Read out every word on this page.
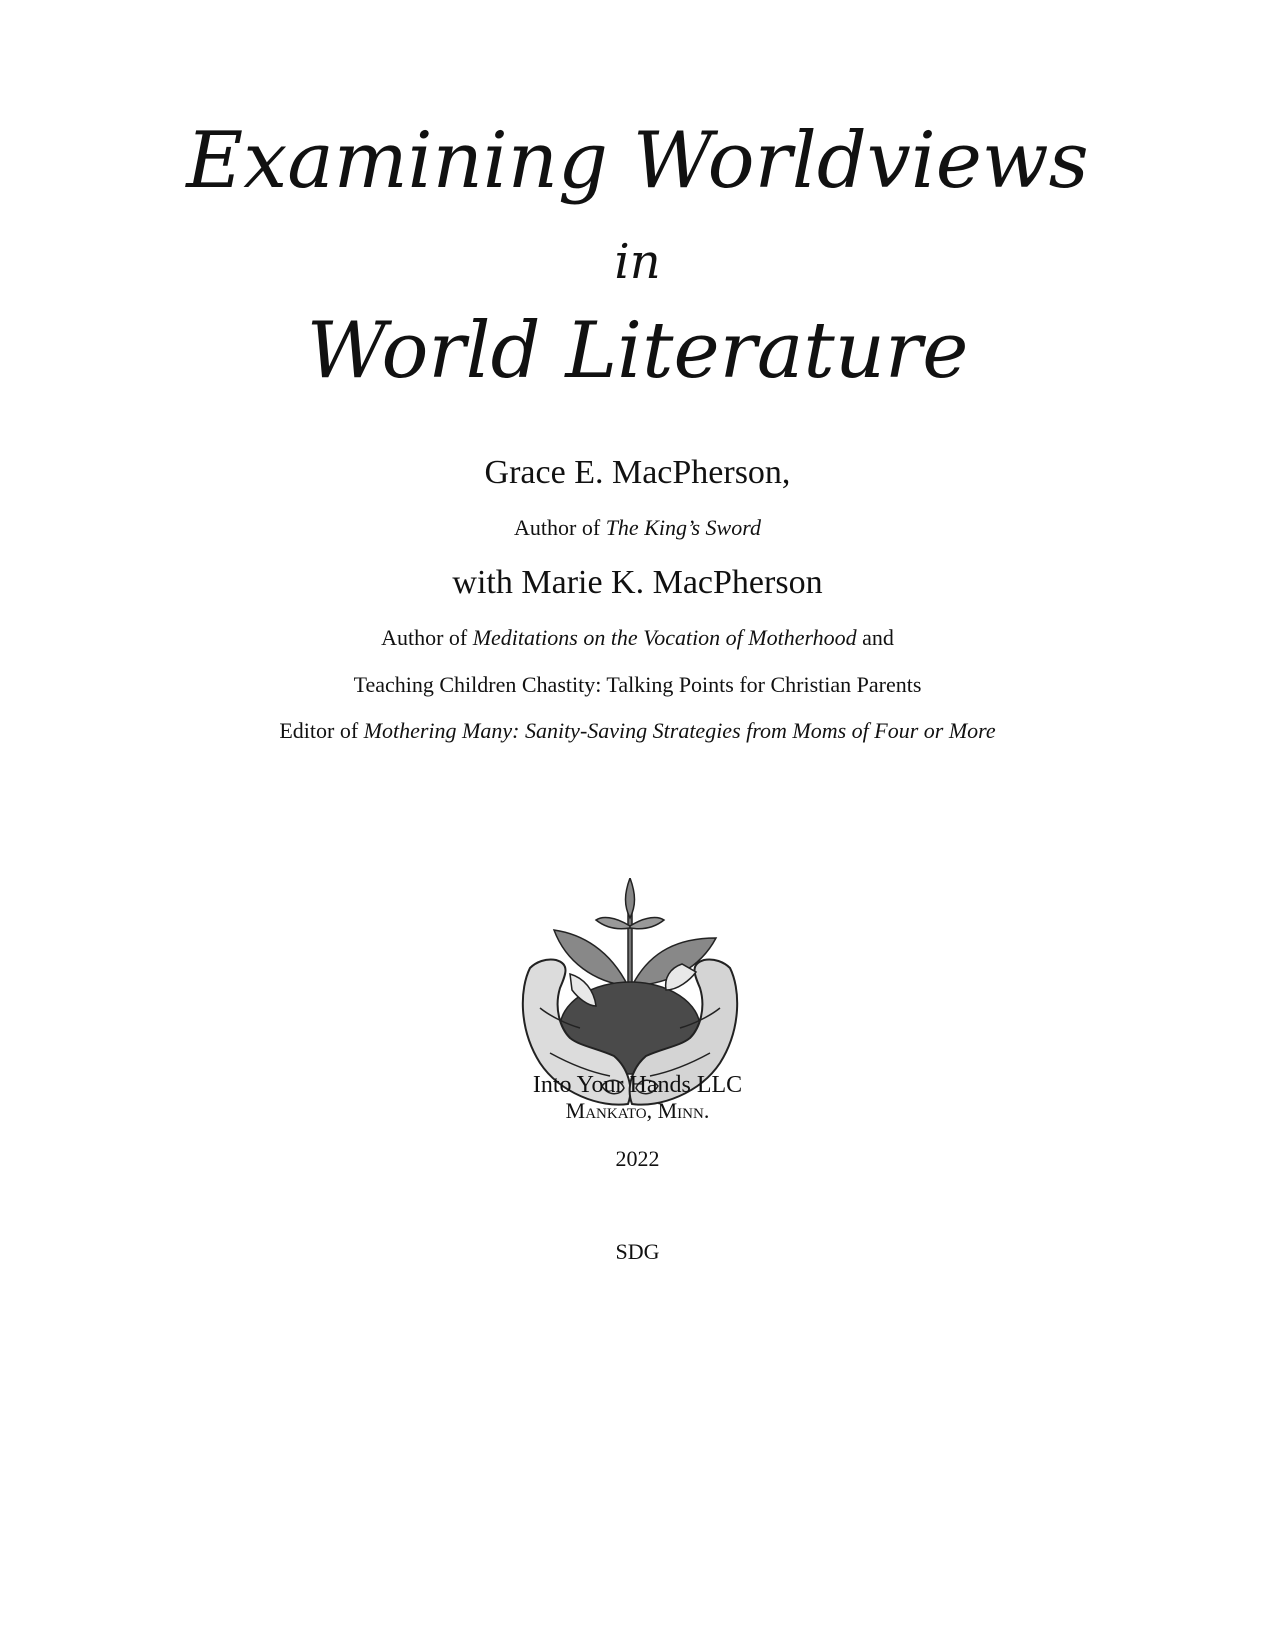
Examining Worldviews
in
World Literature
Grace E. MacPherson,
Author of The King’s Sword
with Marie K. MacPherson
Author of Meditations on the Vocation of Motherhood and
Teaching Children Chastity: Talking Points for Christian Parents
Editor of Mothering Many: Sanity-Saving Strategies from Moms of Four or More
Into Your Hands LLC
Mankato, Minn.
2022
SDG
